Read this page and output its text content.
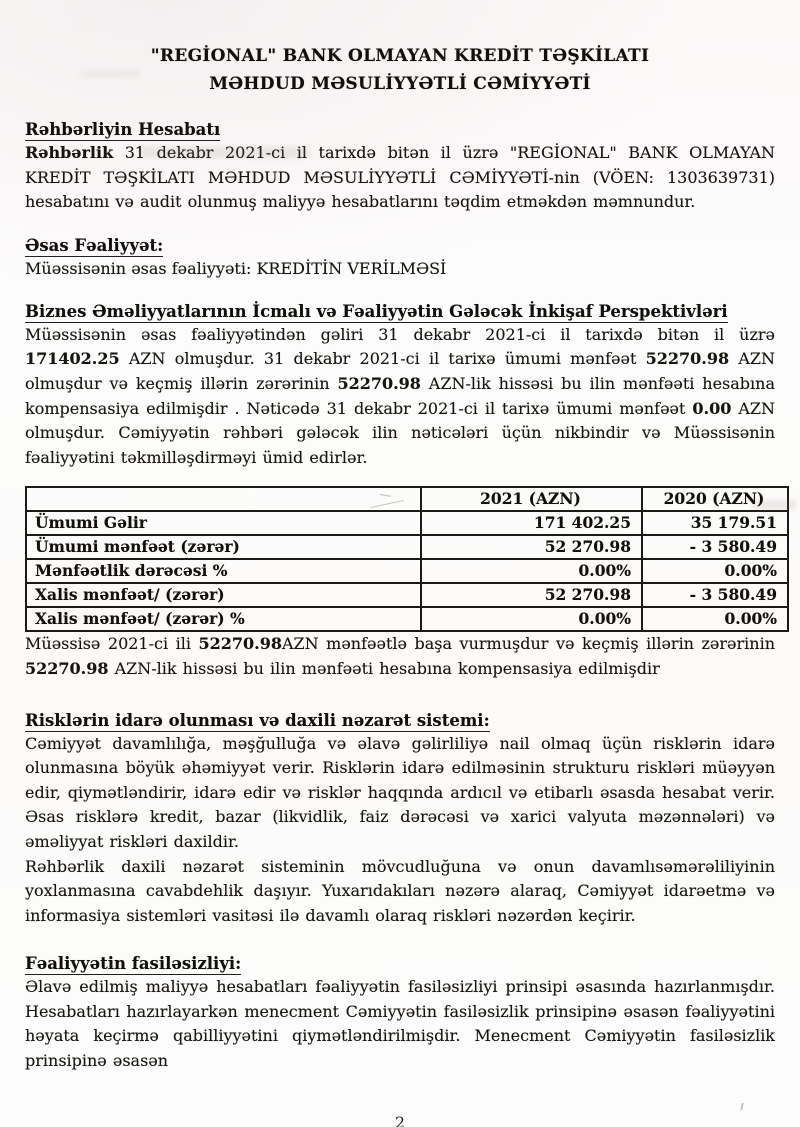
"REGİONAL" BANK OLMAYAN KREDİT TƏŞKİLATI
MƏHDUD MƏSULİYYƏTLİ CƏMİYYƏTİ
Rəhbərliyin Hesabatı

Rəhbərlik 31 dekabr 2021-ci il tarixdə bitən il üzrə "REGİONAL" BANK OLMAYAN KREDİT TƏŞKİLATI MƏHDUD MƏSULİYYƏTLİ CƏMİYYƏTİ-nin (VÖEN: 1303639731) hesabatını və audit olunmuş maliyyə hesabatlarını təqdim etməkdən məmnundur.

Əsas Fəaliyyət:

Müəssisənin əsas fəaliyyəti: KREDİTİN VERİLMƏSİ

Biznes Əməliyyatlarının İcmalı və Fəaliyyətin Gələcək İnkişaf Perspektivləri

Müəssisənin əsas fəaliyyətindən gəliri 31 dekabr 2021-ci il tarixdə bitən il üzrə 171402.25 AZN olmuşdur. 31 dekabr 2021-ci il tarixə ümumi mənfəət 52270.98 AZN olmuşdur və keçmiş illərin zərərinin 52270.98 AZN-lik hissəsi bu ilin mənfəəti hesabına kompensasiya edilmişdir . Nəticədə 31 dekabr 2021-ci il tarixə ümumi mənfəət 0.00 AZN olmuşdur. Cəmiyyətin rəhbəri gələcək ilin nəticələri üçün nikbindir və Müəssisənin fəaliyyətini təkmilləşdirməyi ümid edirlər.

	2021 (AZN)	2020 (AZN)
Ümumi Gəlir	171 402.25	35 179.51
Ümumi mənfəət (zərər)	52 270.98	- 3 580.49
Mənfəətlik dərəcəsi %	0.00%	0.00%
Xalis mənfəət/ (zərər)	52 270.98	- 3 580.49
Xalis mənfəət/ (zərər) %	0.00%	0.00%

Müəssisə 2021-ci ili 52270.98AZN mənfəətlə başa vurmuşdur və keçmiş illərin zərərinin 52270.98 AZN-lik hissəsi bu ilin mənfəəti hesabına kompensasiya edilmişdir

Risklərin idarə olunması və daxili nəzarət sistemi:

Cəmiyyət davamlılığa, məşğulluğa və əlavə gəlirliliyə nail olmaq üçün risklərin idarə olunmasına böyük əhəmiyyət verir. Risklərin idarə edilməsinin strukturu riskləri müəyyən edir, qiymətləndirir, idarə edir və risklər haqqında ardıcıl və etibarlı əsasda hesabat verir. Əsas risklərə kredit, bazar (likvidlik, faiz dərəcəsi və xarici valyuta məzənnələri) və əməliyyat riskləri daxildir.

Rəhbərlik daxili nəzarət sisteminin mövcudluğuna və onun davamlısəmərəliliyinin yoxlanmasına cavabdehlik daşıyır. Yuxarıdakıları nəzərə alaraq, Cəmiyyət idarəetmə və informasiya sistemləri vasitəsi ilə davamlı olaraq riskləri nəzərdən keçirir.

Fəaliyyətin fasiləsizliyi:

Əlavə edilmiş maliyyə hesabatları fəaliyyətin fasiləsizliyi prinsipi əsasında hazırlanmışdır. Hesabatları hazırlayarkən menecment Cəmiyyətin fasiləsizlik prinsipinə əsasən fəaliyyətini həyata keçirmə qabilliyyətini qiymətləndirilmişdir. Menecment Cəmiyyətin fasiləsizlik prinsipinə əsasən

2
